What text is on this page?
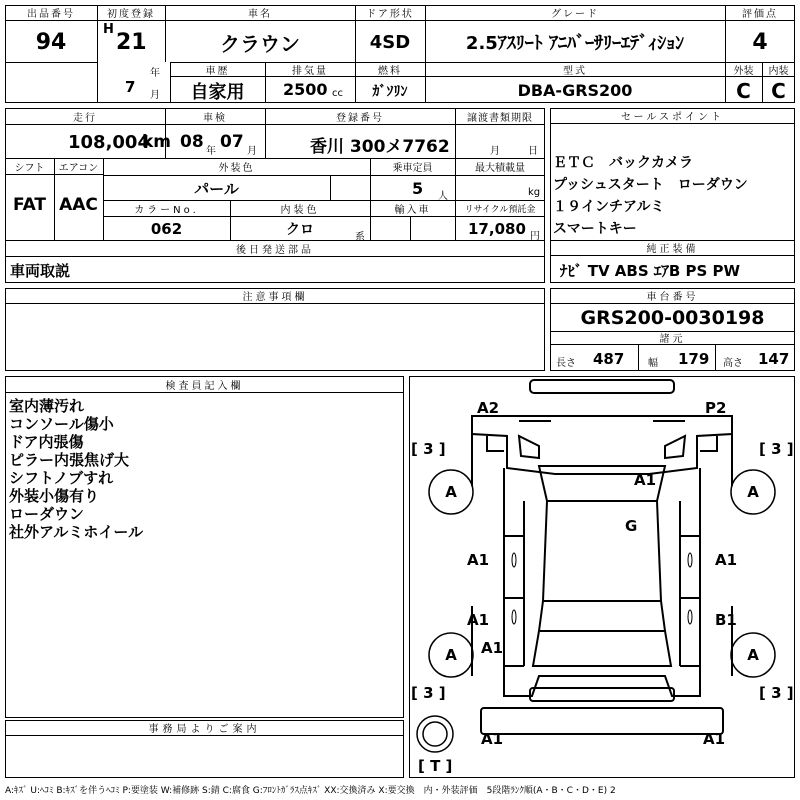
出品番号
94
初度登録
H
21
年
7 月
車名
クラウン
ドア形状
4SD
グレード
2.5ｱｽﾘｰﾄ ｱﾆﾊﾞｰｻﾘｰｴﾃﾞｨｼｮﾝ
評価点
4
車歴
自家用
排気量
2500 cc
燃料
ｶﾞｿﾘﾝ
型式
DBA-GRS200
外装
C
内装
C
走行
108,004
km
車検
08 年 07 月
登録番号
香川 300メ7762
譲渡書類期限
月	日
シフト
FAT
エアコン
AAC
外装色
パール
乗車定員
5 人
最大積載量
kg
カラーNo.
062
内装色
クロ	系
輸入車	リサイクル預託金
17,080 円
後日発送部品
車両取説
セールスポイント
ＥＴＣ　バックカメラ
プッシュスタート　ローダウン
１９インチアルミ
スマートキー
純正装備
ﾅﾋﾞ TV ABS ｴｱB PS PW
注意事項欄	車台番号
GRS200-0030198
諸元
長さ 487 幅 179 高さ 147
検査員記入欄
室内薄汚れ
コンソール傷小
ドア内張傷
ピラー内張焦げ大
シフトノブすれ
外装小傷有り
ローダウン
社外アルミホイール
事務局よりご案内
A2	P2
A1
G
A1	A1
A1	B1
A1
A1	A1
A	A
A	A
[ 3 ]	[ 3 ]
[ 3 ]	[ 3 ]
[ T ]
A:ｷｽﾞ U:ﾍｺﾐ B:ｷｽﾞを伴うﾍｺﾐ P:要塗装 W:補修跡 S:錆 C:腐食 G:ﾌﾛﾝﾄｶﾞﾗｽ点ｷｽﾞ XX:交換済み X:要交換　内・外装評価　5段階ﾗﾝｸ順(A・B・C・D・E) 2
